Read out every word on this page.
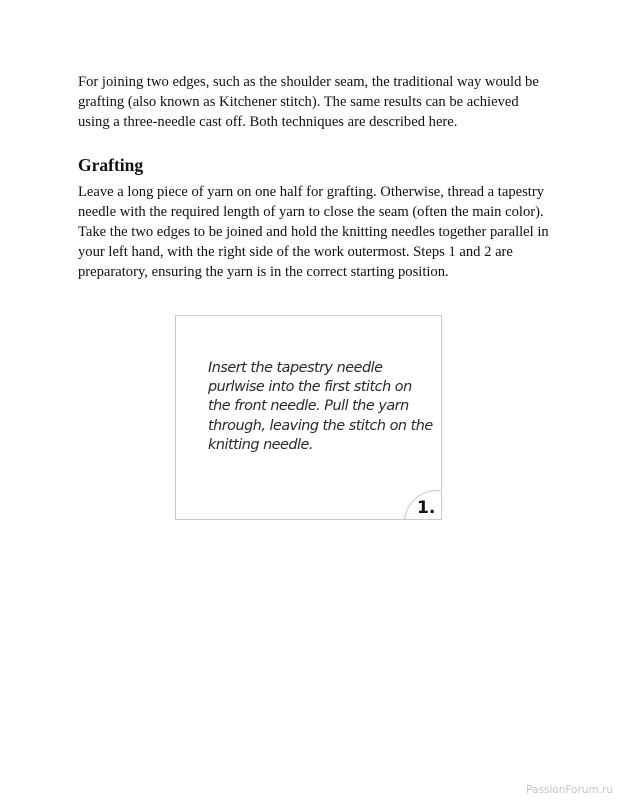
For joining two edges, such as the shoulder seam, the traditional way would be grafting (also known as Kitchener stitch). The same results can be achieved using a three-needle cast off. Both techniques are described here.

Grafting

Leave a long piece of yarn on one half for grafting. Otherwise, thread a tapestry needle with the required length of yarn to close the seam (often the main color). Take the two edges to be joined and hold the knitting needles together parallel in your left hand, with the right side of the work outermost. Steps 1 and 2 are preparatory, ensuring the yarn is in the correct starting position.

Insert the tapestry needle purlwise into the first stitch on the front needle. Pull the yarn through, leaving the stitch on the knitting needle.

1.
PassionForum.ru
